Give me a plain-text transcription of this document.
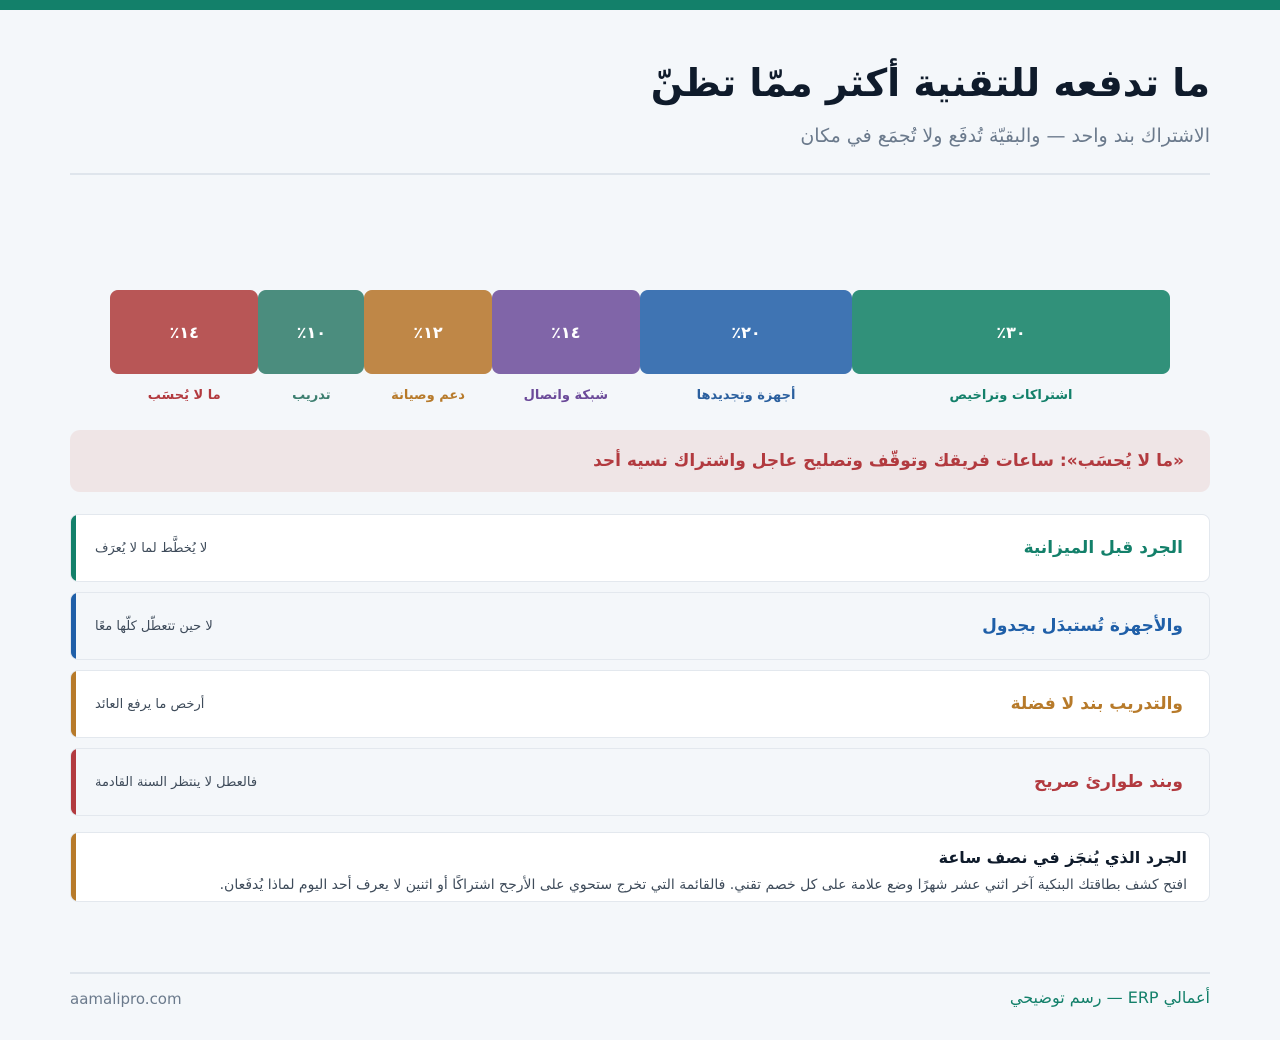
ما تدفعه للتقنية أكثر ممّا تظنّ

الاشتراك بند واحد — والبقيّة تُدفَع ولا تُجمَع في مكان

٣٠٪
٢٠٪
١٤٪
١٢٪
١٠٪
١٤٪
اشتراكات وتراخيص
أجهزة وتجديدها
شبكة واتصال
دعم وصيانة
تدريب
ما لا يُحسَب
«ما لا يُحسَب»: ساعات فريقك وتوقّف وتصليح عاجل واشتراك نسيه أحد
الجرد قبل الميزانية
لا يُخطَّط لما لا يُعرَف
والأجهزة تُستبدَل بجدول
لا حين تتعطّل كلّها معًا
والتدريب بند لا فضلة
أرخص ما يرفع العائد
وبند طوارئ صريح
فالعطل لا ينتظر السنة القادمة
الجرد الذي يُنجَز في نصف ساعة
افتح كشف بطاقتك البنكية آخر اثني عشر شهرًا وضع علامة على كل خصم تقني. فالقائمة التي تخرج ستحوي على الأرجح اشتراكًا أو اثنين لا يعرف أحد اليوم لماذا يُدفَعان.
أعمالي ERP — رسم توضيحي
aamalipro.com
